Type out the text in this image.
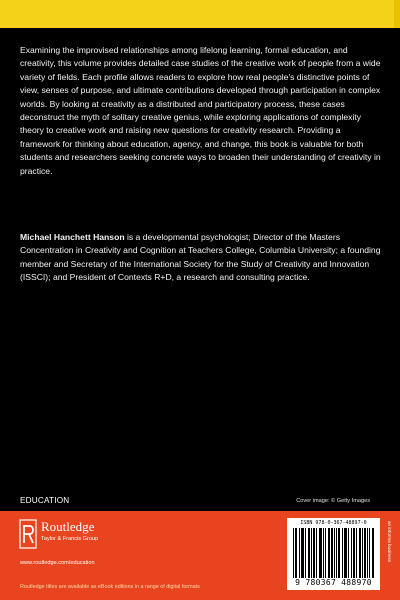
Examining the improvised relationships among lifelong learning, formal education, and creativity, this volume provides detailed case studies of the creative work of people from a wide variety of fields. Each profile allows readers to explore how real people's distinctive points of view, senses of purpose, and ultimate contributions developed through participation in complex worlds. By looking at creativity as a distributed and participatory process, these cases deconstruct the myth of solitary creative genius, while exploring applications of complexity theory to creative work and raising new questions for creativity research. Providing a framework for thinking about education, agency, and change, this book is valuable for both students and researchers seeking concrete ways to broaden their understanding of creativity in practice.

Michael Hanchett Hanson is a developmental psychologist; Director of the Masters Concentration in Creativity and Cognition at Teachers College, Columbia University; a founding member and Secretary of the International Society for the Study of Creativity and Innovation (ISSCI); and President of Contexts R+D, a research and consulting practice.

EDUCATION	Cover image: © Getty Images
Routledge
Taylor & Francis Group
www.routledge.com/education
Routledge titles are available as eBook editions in a range of digital formats
ISBN 978-0-367-48897-0
9 780367 488970
an informa business
